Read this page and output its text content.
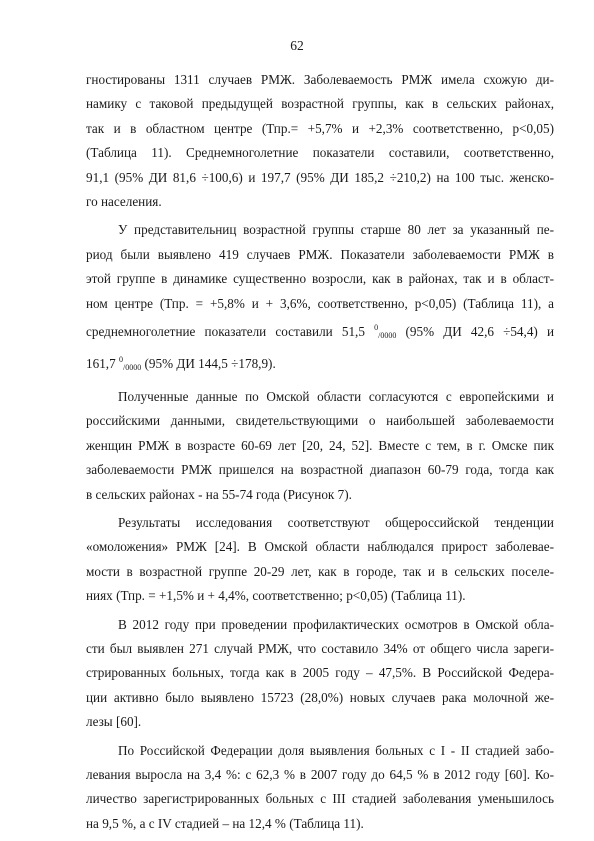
62

гностированы 1311 случаев РМЖ. Заболеваемость РМЖ имела схожую ди-
намику с таковой предыдущей возрастной группы, как в сельских районах,
так и в областном центре (Тпр.= +5,7% и +2,3% соответственно, р<0,05)
(Таблица 11). Среднемноголетние показатели составили, соответственно,
91,1 (95% ДИ 81,6 ÷100,6) и 197,7 (95% ДИ 185,2 ÷210,2) на 100 тыс. женско-
го населения.

У представительниц возрастной группы старше 80 лет за указанный пе-
риод были выявлено 419 случаев РМЖ. Показатели заболеваемости РМЖ в
этой группе в динамике существенно возросли, как в районах, так и в област-
ном центре (Тпр. = +5,8% и + 3,6%, соответственно, р<0,05) (Таблица 11), а
среднемноголетние показатели составили 51,5 $^0$/0000 (95% ДИ 42,6 ÷54,4) и
161,7 $^0$/0000 (95% ДИ 144,5 ÷178,9).

Полученные данные по Омской области согласуются с европейскими и
российскими данными, свидетельствующими о наибольшей заболеваемости
женщин РМЖ в возрасте 60-69 лет [20, 24, 52]. Вместе с тем, в г. Омске пик
заболеваемости РМЖ пришелся на возрастной диапазон 60-79 года, тогда как
в сельских районах - на 55-74 года (Рисунок 7).

Результаты исследования соответствуют общероссийской тенденции
«омоложения» РМЖ [24]. В Омской области наблюдался прирост заболевае-
мости в возрастной группе 20-29 лет, как в городе, так и в сельских поселе-
ниях (Тпр. = +1,5% и + 4,4%, соответственно; р<0,05) (Таблица 11).

В 2012 году при проведении профилактических осмотров в Омской обла-
сти был выявлен 271 случай РМЖ, что составило 34% от общего числа зареги-
стрированных больных, тогда как в 2005 году – 47,5%. В Российской Федера-
ции активно было выявлено 15723 (28,0%) новых случаев рака молочной же-
лезы [60].

По Российской Федерации доля выявления больных с I - II стадией забо-
левания выросла на 3,4 %: с 62,3 % в 2007 году до 64,5 % в 2012 году [60]. Ко-
личество зарегистрированных больных с III стадией заболевания уменьшилось
на 9,5 %, а с IV стадией – на 12,4 % (Таблица 11).
